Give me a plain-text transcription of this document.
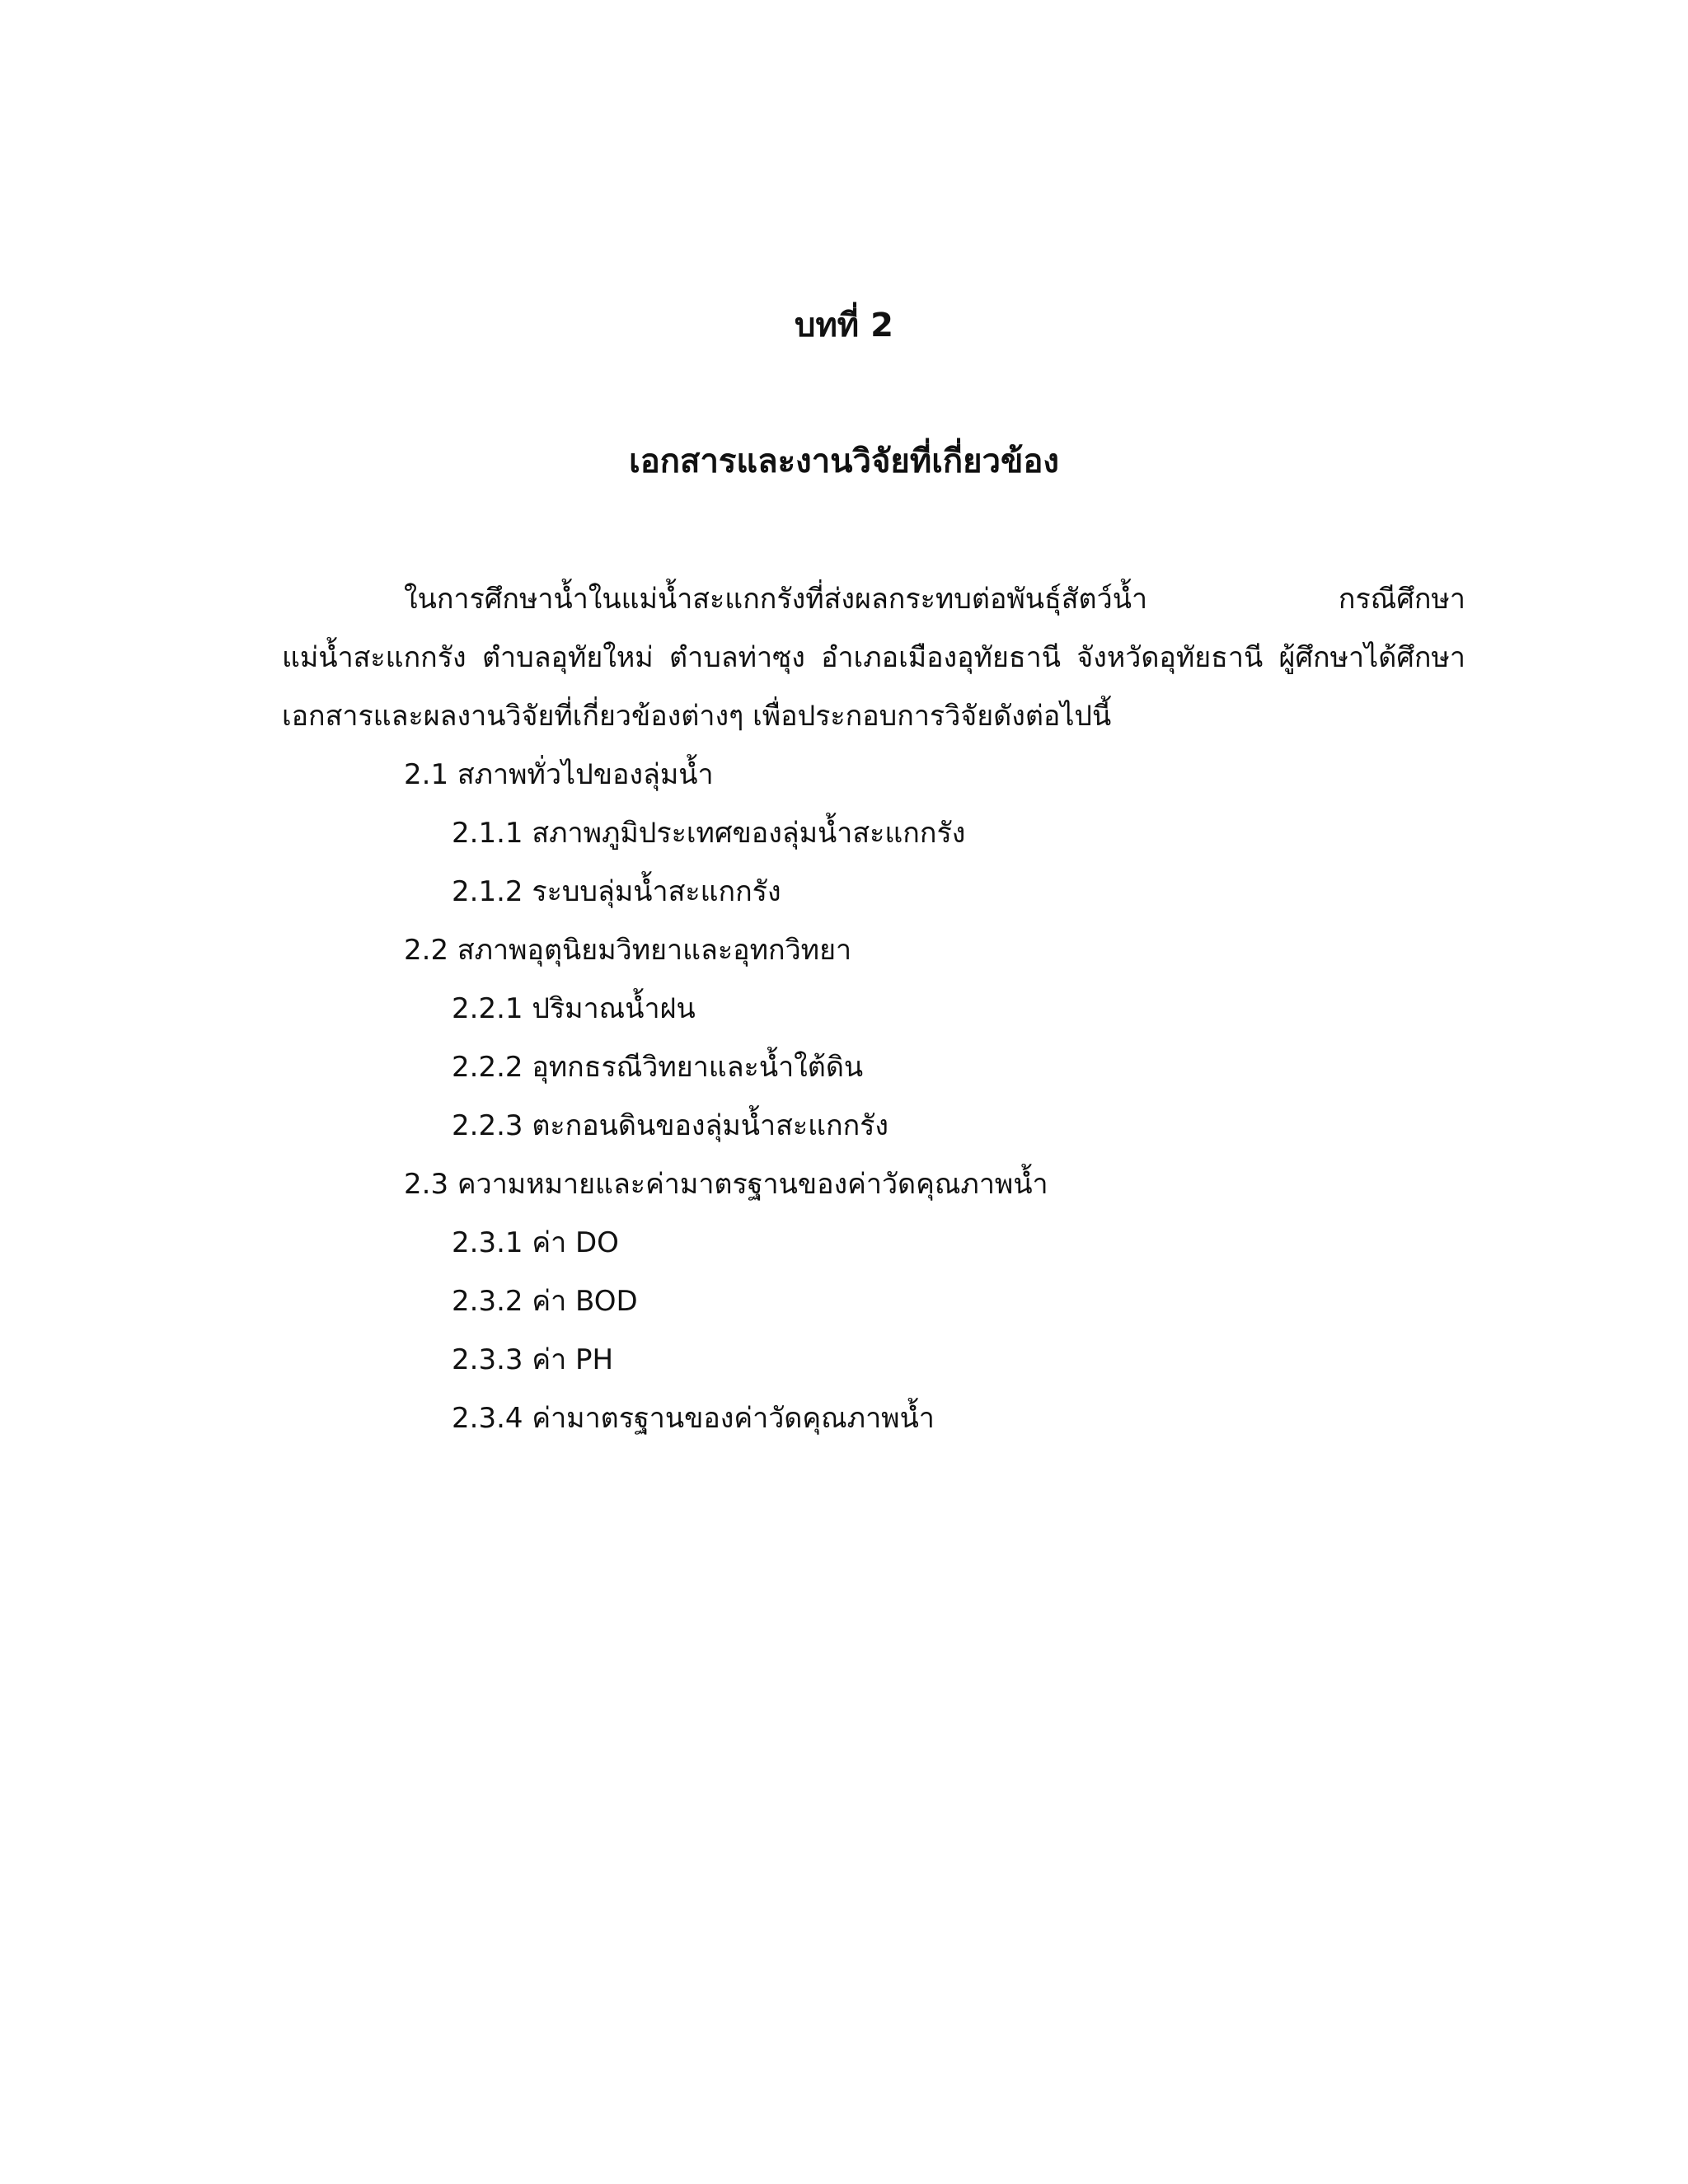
บทที่ 2
เอกสารและงานวิจัยที่เกี่ยวข้อง
ในการศึกษาน้ำในแม่น้ำสะแกกรังที่ส่งผลกระทบต่อพันธุ์สัตว์น้ำ กรณีศึกษา
แม่น้ำสะแกกรัง ตำบลอุทัยใหม่ ตำบลท่าซุง อำเภอเมืองอุทัยธานี จังหวัดอุทัยธานี ผู้ศึกษาได้ศึกษา
เอกสารและผลงานวิจัยที่เกี่ยวข้องต่างๆ เพื่อประกอบการวิจัยดังต่อไปนี้
2.1 สภาพทั่วไปของลุ่มน้ำ
2.1.1 สภาพภูมิประเทศของลุ่มน้ำสะแกกรัง
2.1.2 ระบบลุ่มน้ำสะแกกรัง
2.2 สภาพอุตุนิยมวิทยาและอุทกวิทยา
2.2.1 ปริมาณน้ำฝน
2.2.2 อุทกธรณีวิทยาและน้ำใต้ดิน
2.2.3 ตะกอนดินของลุ่มน้ำสะแกกรัง
2.3 ความหมายและค่ามาตรฐานของค่าวัดคุณภาพน้ำ
2.3.1 ค่า DO
2.3.2 ค่า BOD
2.3.3 ค่า PH
2.3.4 ค่ามาตรฐานของค่าวัดคุณภาพน้ำ
